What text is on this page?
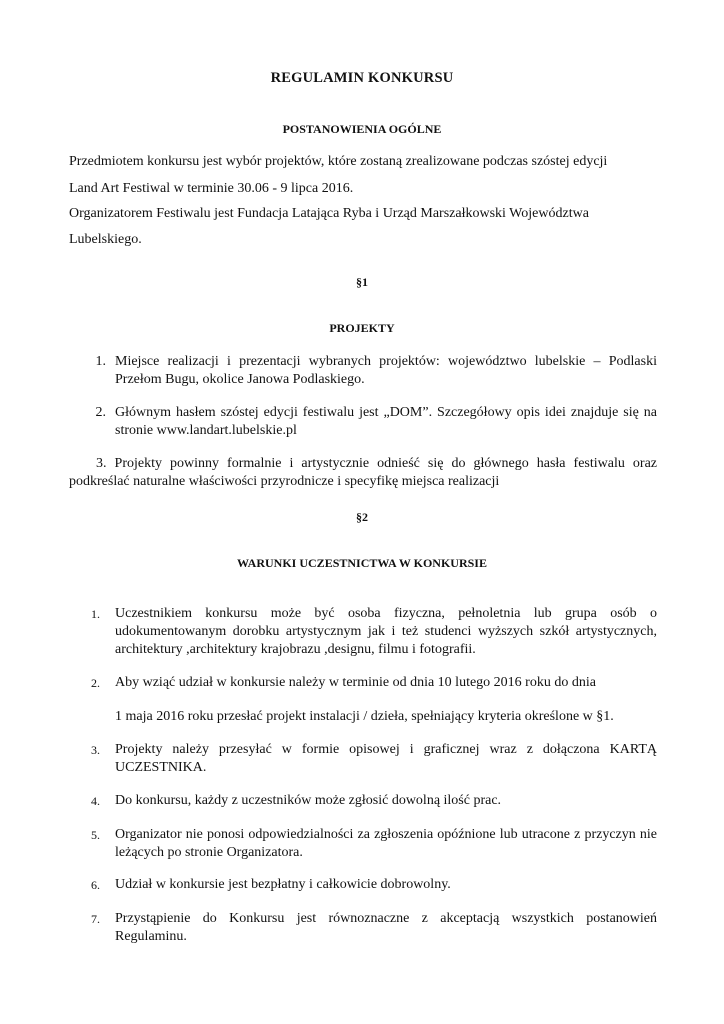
REGULAMIN KONKURSU
POSTANOWIENIA OGÓLNE
Przedmiotem konkursu jest wybór projektów, które zostaną zrealizowane podczas szóstej edycji
Land Art Festiwal w terminie 30.06 - 9 lipca 2016.
Organizatorem Festiwalu jest Fundacja Latająca Ryba i Urząd Marszałkowski Województwa
Lubelskiego.
§1
PROJEKTY
1. Miejsce realizacji i prezentacji wybranych projektów: województwo lubelskie – Podlaski Przełom Bugu, okolice Janowa Podlaskiego.
2. Głównym hasłem szóstej edycji festiwalu jest „DOM”. Szczegółowy opis idei znajduje się na stronie www.landart.lubelskie.pl
3. Projekty powinny formalnie i artystycznie odnieść się do głównego hasła festiwalu oraz
podkreślać naturalne właściwości przyrodnicze i specyfikę miejsca realizacji
§2
WARUNKI UCZESTNICTWA W KONKURSIE
1. Uczestnikiem konkursu może być osoba fizyczna, pełnoletnia lub grupa osób o udokumentowanym dorobku artystycznym jak i też studenci wyższych szkół artystycznych, architektury ,architektury krajobrazu ,designu, filmu i fotografii.
2. Aby wziąć udział w konkursie należy w terminie od dnia 10 lutego 2016 roku do dnia
1 maja 2016 roku przesłać projekt instalacji / dzieła, spełniający kryteria określone w §1.
3. Projekty należy przesyłać w formie opisowej i graficznej wraz z dołączona KARTĄ UCZESTNIKA.
4. Do konkursu, każdy z uczestników może zgłosić dowolną ilość prac.
5. Organizator nie ponosi odpowiedzialności za zgłoszenia opóźnione lub utracone z przyczyn nie leżących po stronie Organizatora.
6. Udział w konkursie jest bezpłatny i całkowicie dobrowolny.
7. Przystąpienie do Konkursu jest równoznaczne z akceptacją wszystkich postanowień Regulaminu.
